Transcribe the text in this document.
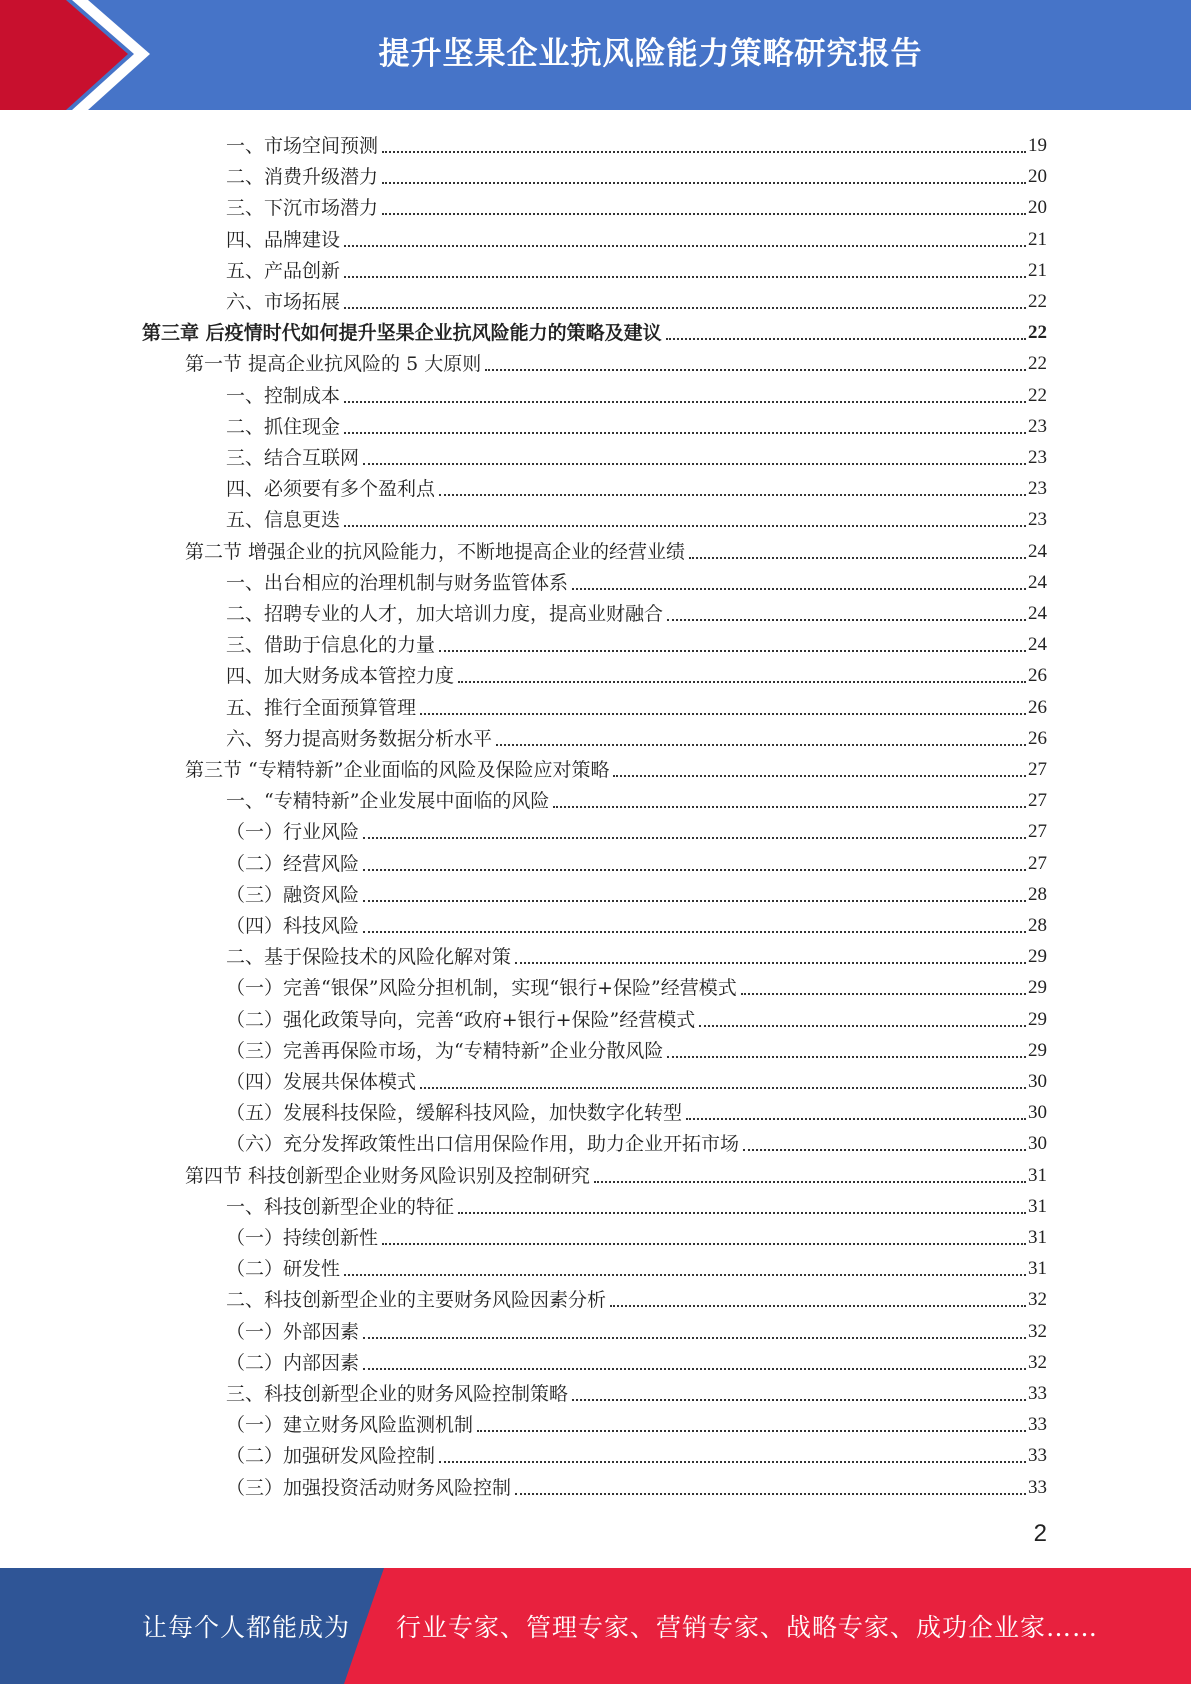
提升坚果企业抗风险能力策略研究报告
一、市场空间预测	19
二、消费升级潜力	20
三、下沉市场潜力	20
四、品牌建设	21
五、产品创新	21
六、市场拓展	22
第三章 后疫情时代如何提升坚果企业抗风险能力的策略及建议	22
第一节 提高企业抗风险的 5 大原则	22
一、控制成本	22
二、抓住现金	23
三、结合互联网	23
四、必须要有多个盈利点	23
五、信息更迭	23
第二节 增强企业的抗风险能力，不断地提高企业的经营业绩	24
一、出台相应的治理机制与财务监管体系	24
二、招聘专业的人才，加大培训力度，提高业财融合	24
三、借助于信息化的力量	24
四、加大财务成本管控力度	26
五、推行全面预算管理	26
六、努力提高财务数据分析水平	26
第三节 “专精特新”企业面临的风险及保险应对策略	27
一、“专精特新”企业发展中面临的风险	27
（一）行业风险	27
（二）经营风险	27
（三）融资风险	28
（四）科技风险	28
二、基于保险技术的风险化解对策	29
（一）完善“银保”风险分担机制，实现“银行+保险”经营模式	29
（二）强化政策导向，完善“政府+银行+保险”经营模式	29
（三）完善再保险市场，为“专精特新”企业分散风险	29
（四）发展共保体模式	30
（五）发展科技保险，缓解科技风险，加快数字化转型	30
（六）充分发挥政策性出口信用保险作用，助力企业开拓市场	30
第四节 科技创新型企业财务风险识别及控制研究	31
一、科技创新型企业的特征	31
（一）持续创新性	31
（二）研发性	31
二、科技创新型企业的主要财务风险因素分析	32
（一）外部因素	32
（二）内部因素	32
三、科技创新型企业的财务风险控制策略	33
（一）建立财务风险监测机制	33
（二）加强研发风险控制	33
（三）加强投资活动财务风险控制	33
2
让每个人都能成为 行业专家、管理专家、营销专家、战略专家、成功企业家……
